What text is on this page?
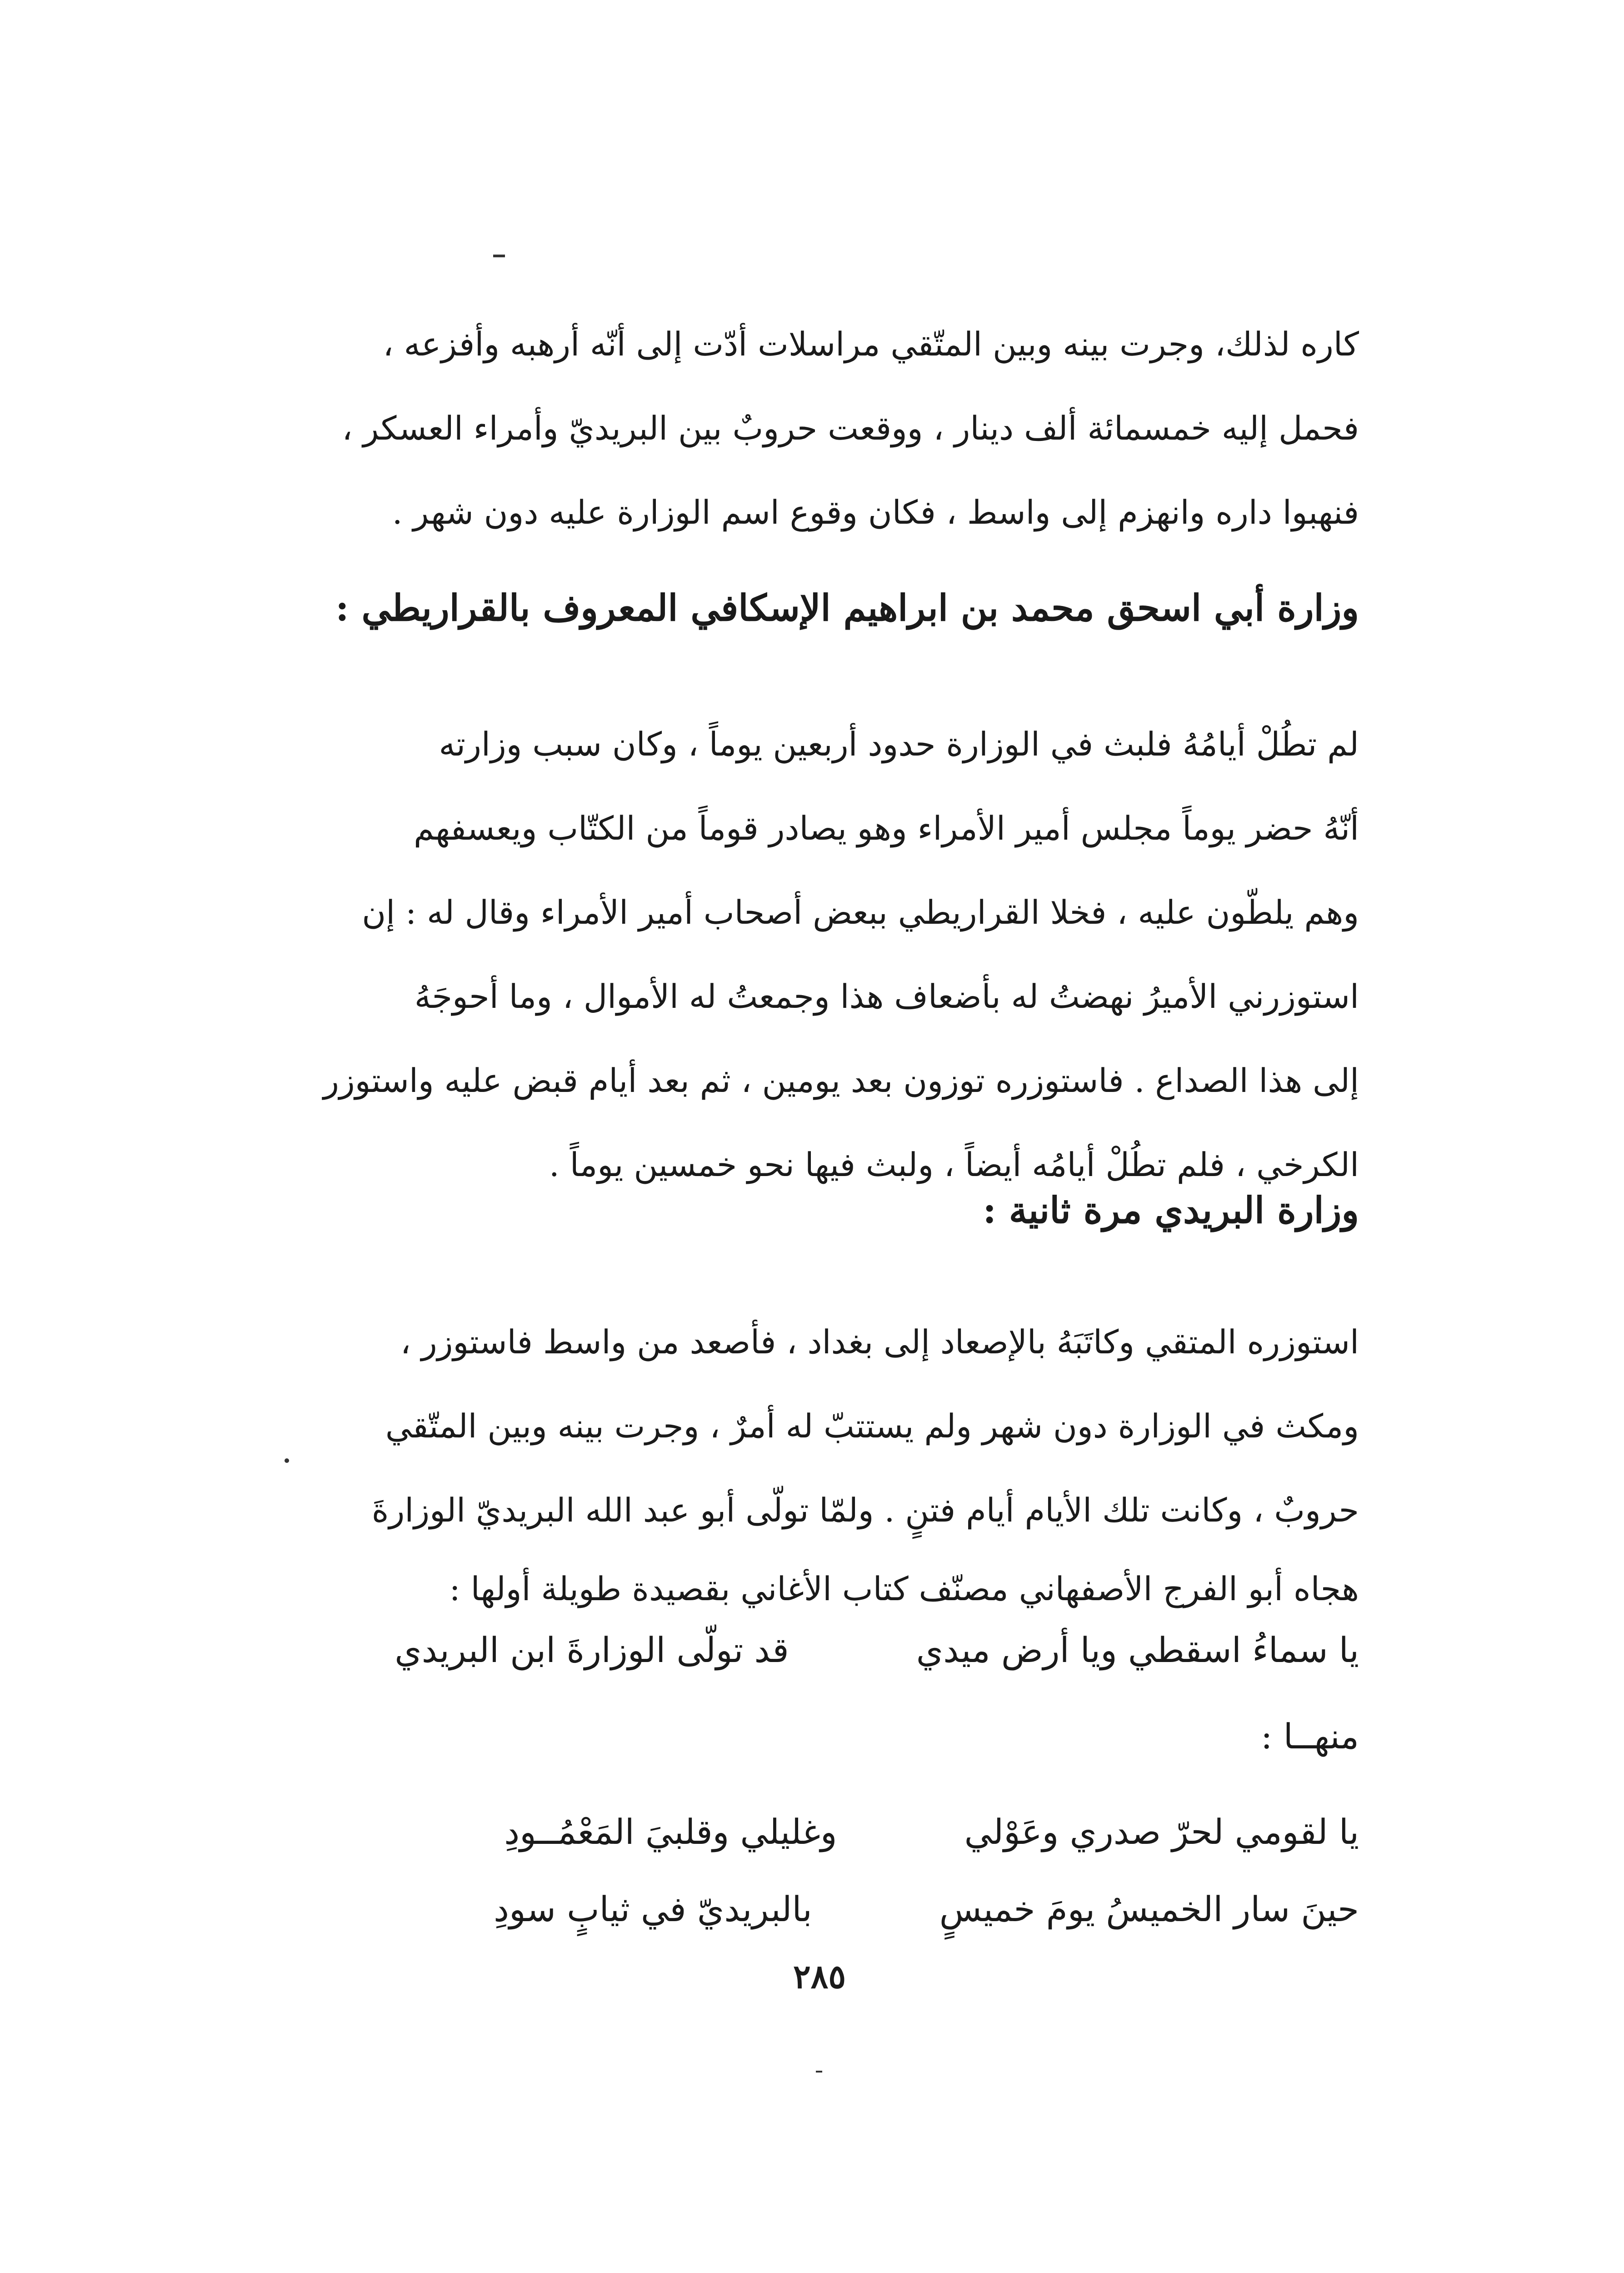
كاره لذلك، وجرت بينه وبين المتّقي مراسلات أدّت إلى أنّه أرهبه وأفزعه ،
فحمل إليه خمسمائة ألف دينار ، ووقعت حروبٌ بين البريديّ وأمراء العسكر ،
فنهبوا داره وانهزم إلى واسط ، فكان وقوع اسم الوزارة عليه دون شهر .
وزارة أبي اسحق محمد بن ابراهيم الإسكافي المعروف بالقراريطي :
لم تطُلْ أيامُهُ فلبث في الوزارة حدود أربعين يوماً ، وكان سبب وزارته
أنّهُ حضر يوماً مجلس أمير الأمراء وهو يصادر قوماً من الكتّاب ويعسفهم
وهم يلطّون عليه ، فخلا القراريطي ببعض أصحاب أمير الأمراء وقال له : إن
استوزرني الأميرُ نهضتُ له بأضعاف هذا وجمعتُ له الأموال ، وما أحوجَهُ
إلى هذا الصداع . فاستوزره توزون بعد يومين ، ثم بعد أيام قبض عليه واستوزر
الكرخي ، فلم تطُلْ أيامُه أيضاً ، ولبث فيها نحو خمسين يوماً .
وزارة البريدي مرة ثانية :
استوزره المتقي وكاتَبَهُ بالإصعاد إلى بغداد ، فأصعد من واسط فاستوزر ،
ومكث في الوزارة دون شهر ولم يستتبّ له أمرٌ ، وجرت بينه وبين المتّقي
حروبٌ ، وكانت تلك الأيام أيام فتنٍ . ولمّا تولّى أبو عبد الله البريديّ الوزارةَ
هجاه أبو الفرج الأصفهاني مصنّف كتاب الأغاني بقصيدة طويلة أولها :
يا سماءُ اسقطي ويا أرض ميدي
قد تولّى الوزارةَ ابن البريدي
منهــا :
يا لقومي لحرّ صدري وعَوْلي
وغليلي وقلبيَ المَعْمُــودِ
حينَ سار الخميسُ يومَ خميسٍ
بالبريديّ في ثيابٍ سودِ
٢٨٥
